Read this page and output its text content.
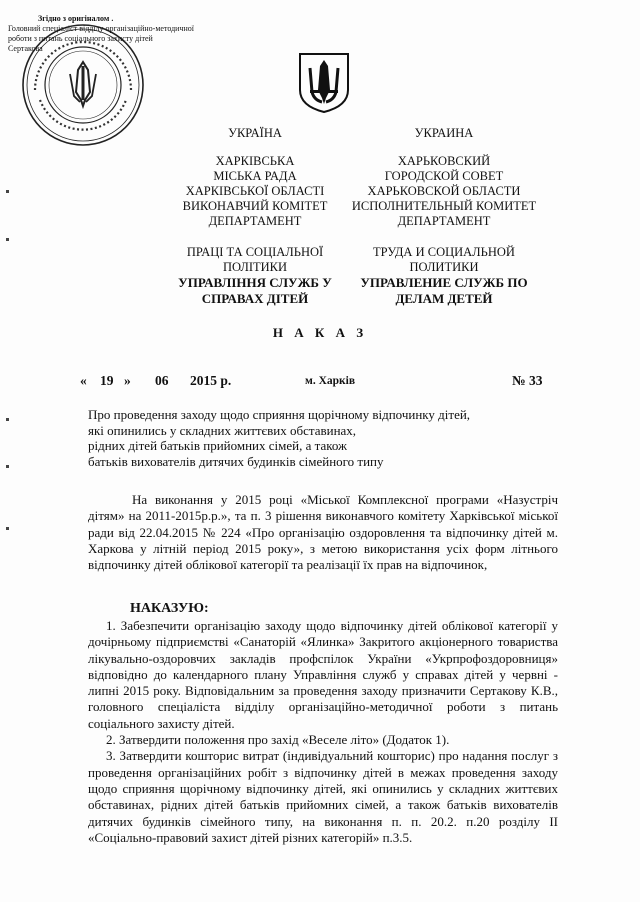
Згідно з оригіналом .
Головний спеціаліст відділу організаційно-методичної
роботи з питань соціального захисту дітей
Сертакова
УКРАЇНА
ХАРКІВСЬКА
МІСЬКА РАДА
ХАРКІВСЬКОЇ ОБЛАСТІ
ВИКОНАВЧИЙ КОМІТЕТ
ДЕПАРТАМЕНТ
ПРАЦІ ТА СОЦІАЛЬНОЇ
ПОЛІТИКИ
УПРАВЛІННЯ СЛУЖБ У
СПРАВАХ ДІТЕЙ
УКРАИНА
ХАРЬКОВСКИЙ
ГОРОДСКОЙ СОВЕТ
ХАРЬКОВСКОЙ ОБЛАСТИ
ИСПОЛНИТЕЛЬНЫЙ КОМИТЕТ
ДЕПАРТАМЕНТ
ТРУДА И СОЦИАЛЬНОЙ
ПОЛИТИКИ
УПРАВЛЕНИЕ СЛУЖБ ПО
ДЕЛАМ ДЕТЕЙ
Н А К А З
« 19 » 06 2015 р.	м. Харків	№ 33
Про проведення заходу щодо сприяння щорічному відпочинку дітей,
які опинились у складних життєвих обставинах,
рідних дітей батьків прийомних сімей, а також
батьків вихователів дитячих будинків сімейного типу

На виконання у 2015 році «Міської Комплексної програми «Назустріч дітям» на 2011-2015р.р.», та п. 3 рішення виконавчого комітету Харківської міської ради від 22.04.2015 № 224 «Про організацію оздоровлення та відпочинку дітей м. Харкова у літній період 2015 року», з метою використання усіх форм літнього відпочинку дітей облікової категорії та реалізації їх прав на відпочинок,

НАКАЗУЮ:

1. Забезпечити організацію заходу щодо відпочинку дітей облікової категорії у дочірньому підприємстві «Санаторій «Ялинка» Закритого акціонерного товариства лікувально-оздоровчих закладів профспілок України «Укрпрофоздоровниця» відповідно до календарного плану Управління служб у справах дітей у червні - липні 2015 року. Відповідальним за проведення заходу призначити Сертакову К.В., головного спеціаліста відділу організаційно-методичної роботи з питань соціального захисту дітей.

2. Затвердити положення про захід «Веселе літо» (Додаток 1).

3. Затвердити кошторис витрат (індивідуальний кошторис) про надання послуг з проведення організаційних робіт з відпочинку дітей в межах проведення заходу щодо сприяння щорічному відпочинку дітей, які опинились у складних життєвих обставинах, рідних дітей батьків прийомних сімей, а також батьків вихователів дитячих будинків сімейного типу, на виконання п. п. 20.2. п.20 розділу ІІ «Соціально-правовий захист дітей різних категорій» п.3.5.
